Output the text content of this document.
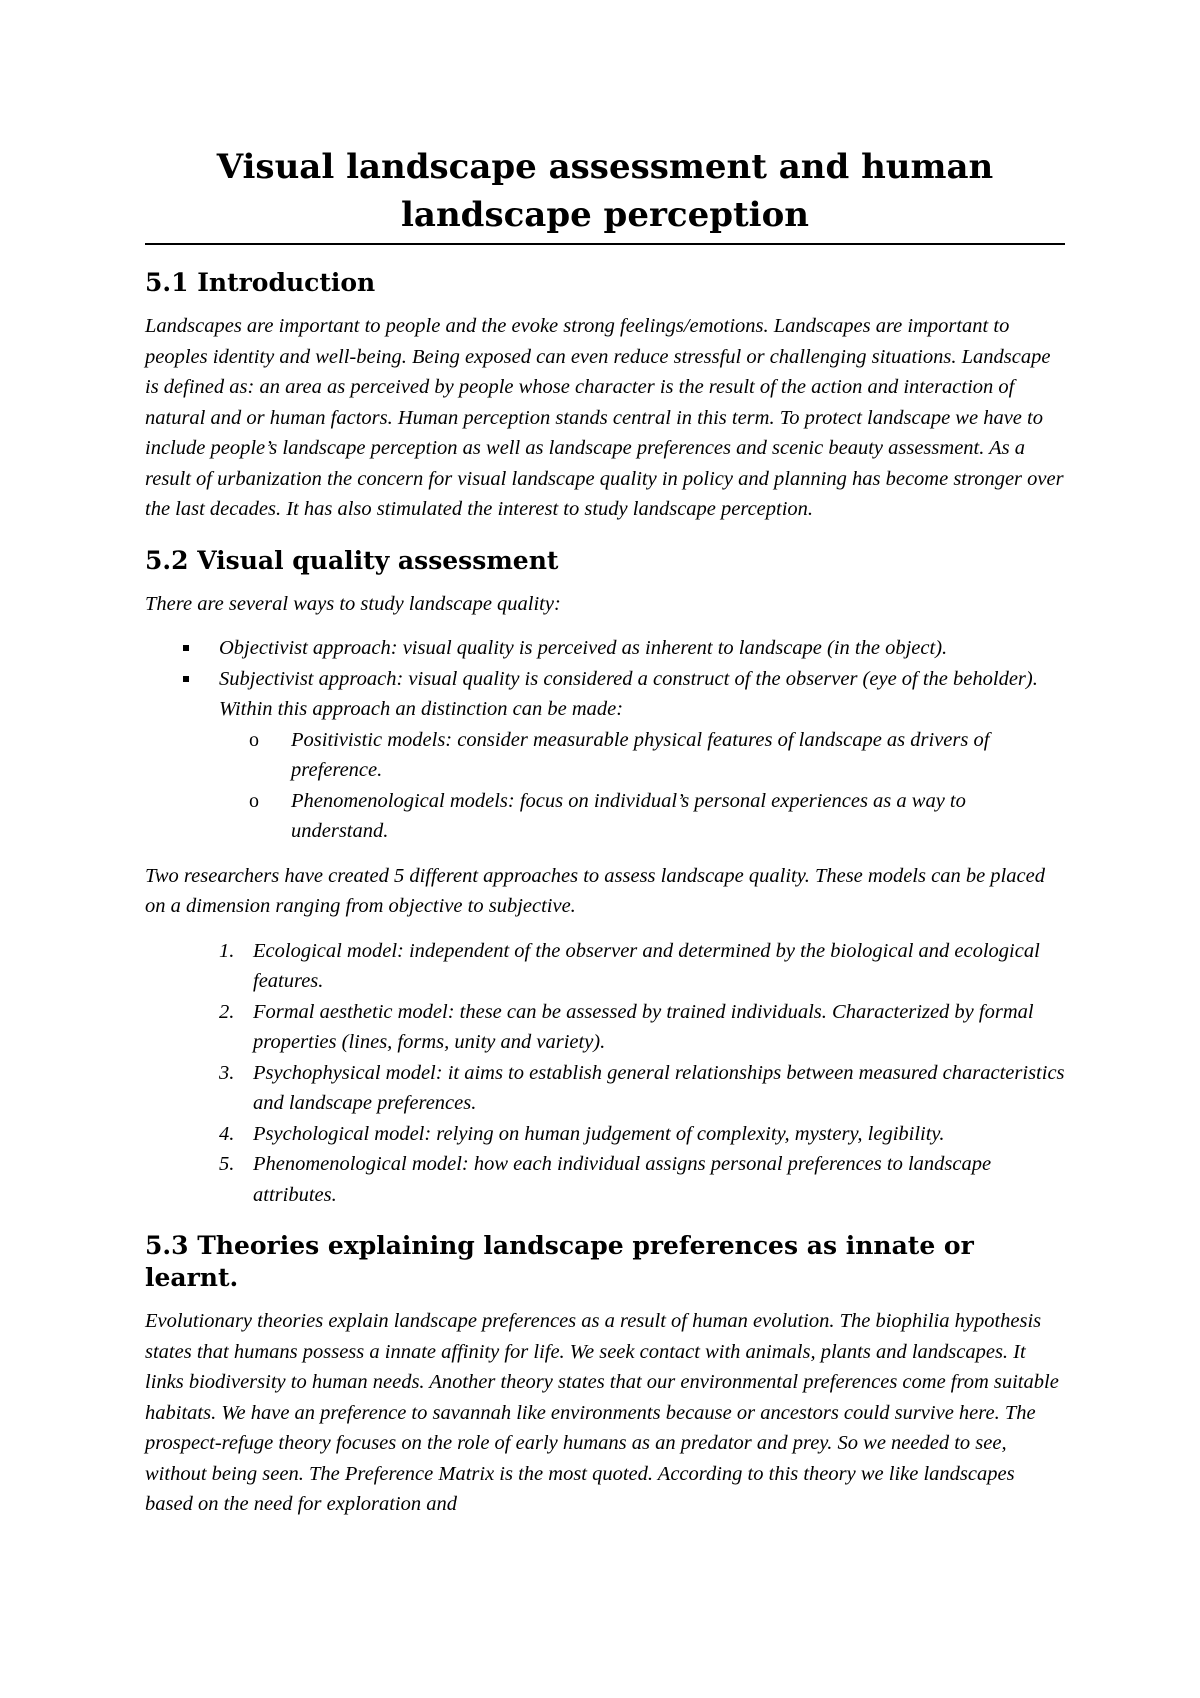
Visual landscape assessment and human landscape perception
5.1 Introduction

Landscapes are important to people and the evoke strong feelings/emotions. Landscapes are important to peoples identity and well-being. Being exposed can even reduce stressful or challenging situations. Landscape is defined as: an area as perceived by people whose character is the result of the action and interaction of natural and or human factors. Human perception stands central in this term. To protect landscape we have to include people’s landscape perception as well as landscape preferences and scenic beauty assessment. As a result of urbanization the concern for visual landscape quality in policy and planning has become stronger over the last decades. It has also stimulated the interest to study landscape perception.

5.2 Visual quality assessment

There are several ways to study landscape quality:

Objectivist approach: visual quality is perceived as inherent to landscape (in the object).
Subjectivist approach: visual quality is considered a construct of the observer (eye of the beholder). Within this approach an distinction can be made:
o Positivistic models: consider measurable physical features of landscape as drivers of preference.
o Phenomenological models: focus on individual’s personal experiences as a way to understand.

Two researchers have created 5 different approaches to assess landscape quality. These models can be placed on a dimension ranging from objective to subjective.

1. Ecological model: independent of the observer and determined by the biological and ecological features.
2. Formal aesthetic model: these can be assessed by trained individuals. Characterized by formal properties (lines, forms, unity and variety).
3. Psychophysical model: it aims to establish general relationships between measured characteristics and landscape preferences.
4. Psychological model: relying on human judgement of complexity, mystery, legibility.
5. Phenomenological model: how each individual assigns personal preferences to landscape attributes.
5.3 Theories explaining landscape preferences as innate or learnt.

Evolutionary theories explain landscape preferences as a result of human evolution. The biophilia hypothesis states that humans possess a innate affinity for life. We seek contact with animals, plants and landscapes. It links biodiversity to human needs. Another theory states that our environmental preferences come from suitable habitats. We have an preference to savannah like environments because or ancestors could survive here. The prospect-refuge theory focuses on the role of early humans as an predator and prey. So we needed to see, without being seen. The Preference Matrix is the most quoted. According to this theory we like landscapes based on the need for exploration and
